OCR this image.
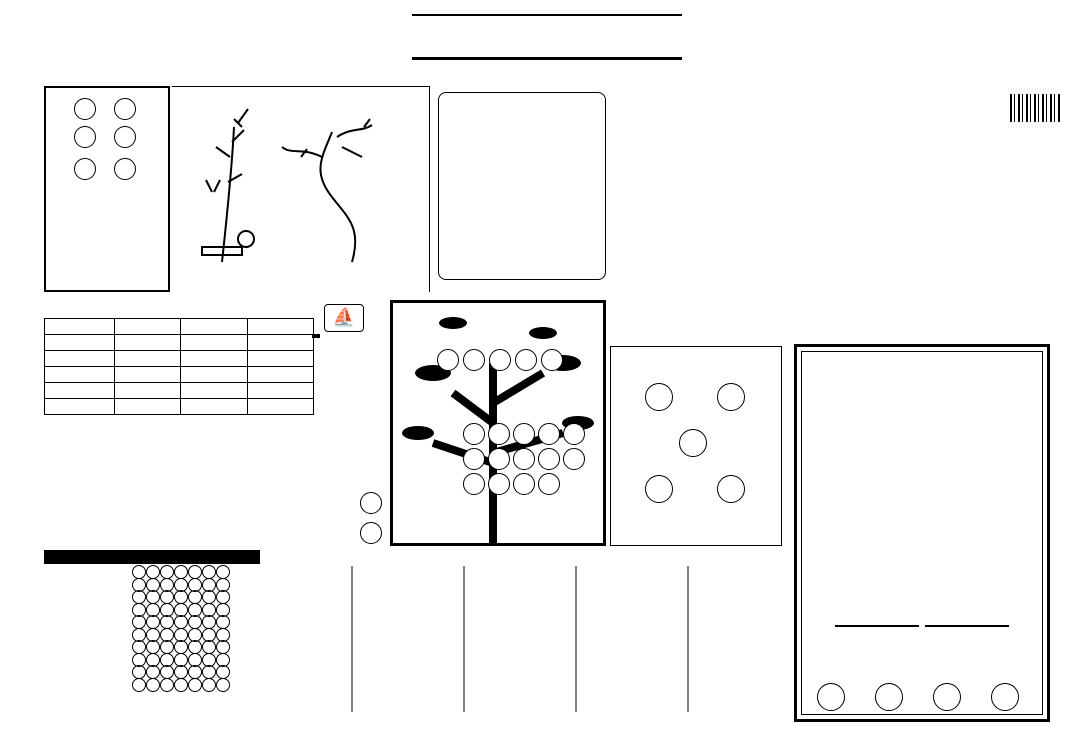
⛵
